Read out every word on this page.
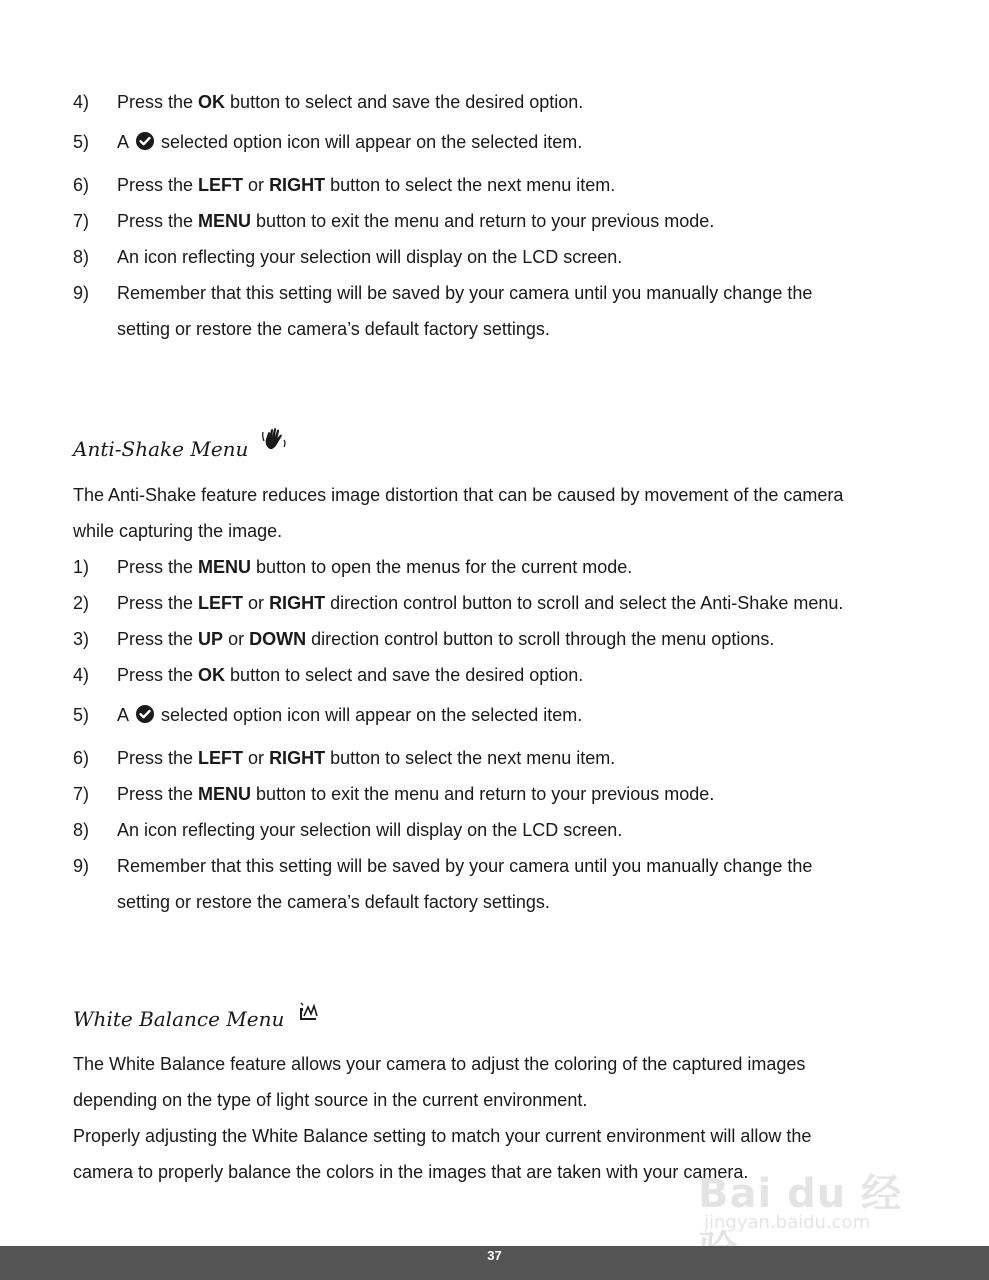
4)	Press the OK button to select and save the desired option.
5)	A selected option icon will appear on the selected item.
6)	Press the LEFT or RIGHT button to select the next menu item.
7)	Press the MENU button to exit the menu and return to your previous mode.
8)	An icon reflecting your selection will display on the LCD screen.
9)	Remember that this setting will be saved by your camera until you manually change the
setting or restore the camera’s default factory settings.
Anti-Shake Menu
The Anti-Shake feature reduces image distortion that can be caused by movement of the camera
while capturing the image.
1)	Press the MENU button to open the menus for the current mode.
2)	Press the LEFT or RIGHT direction control button to scroll and select the Anti-Shake menu.
3)	Press the UP or DOWN direction control button to scroll through the menu options.
4)	Press the OK button to select and save the desired option.
5)	A selected option icon will appear on the selected item.
6)	Press the LEFT or RIGHT button to select the next menu item.
7)	Press the MENU button to exit the menu and return to your previous mode.
8)	An icon reflecting your selection will display on the LCD screen.
9)	Remember that this setting will be saved by your camera until you manually change the
setting or restore the camera’s default factory settings.
White Balance Menu
The White Balance feature allows your camera to adjust the coloring of the captured images
depending on the type of light source in the current environment.
Properly adjusting the White Balance setting to match your current environment will allow the
camera to properly balance the colors in the images that are taken with your camera.
Bai du 经
jingyan.baidu.com
37
